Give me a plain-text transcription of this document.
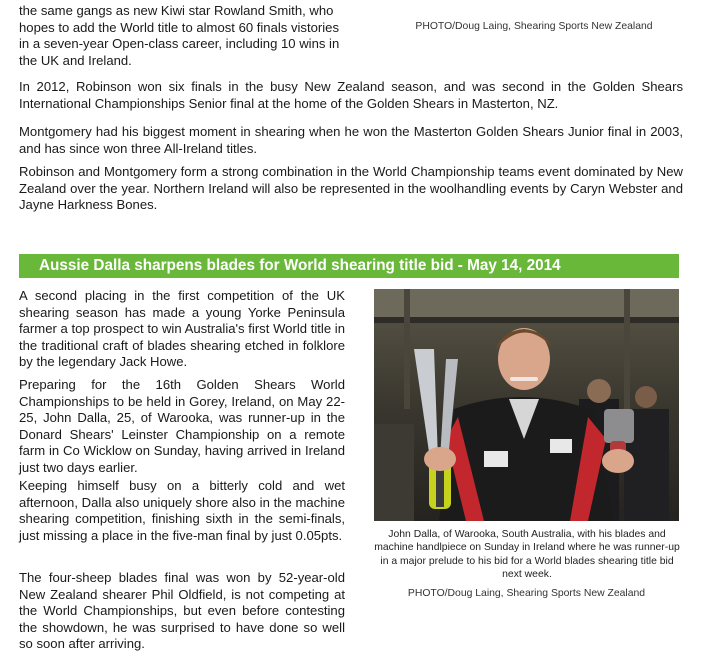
the same gangs as new Kiwi star Rowland Smith, who
hopes to add the World title to almost 60 finals vistories
in a seven-year Open-class career, including 10 wins in
the UK and Ireland.

PHOTO/Doug Laing, Shearing Sports New Zealand

In 2012, Robinson won six finals in the busy New Zealand season, and was second in the Golden Shears International Championships Senior final at the home of the Golden Shears in Masterton, NZ.

Montgomery had his biggest moment in shearing when he won the Masterton Golden Shears Junior final in 2003, and has since won three All-Ireland titles.

Robinson and Montgomery form a strong combination in the World Championship teams event dominated by New Zealand over the year. Northern Ireland will also be represented in the woolhandling events by Caryn Webster and Jayne Harkness Bones.

Aussie Dalla sharpens blades for World shearing title bid - May 14, 2014

A second placing in the first competition of the UK shearing season has made a young Yorke Peninsula farmer a top prospect to win Australia's first World title in the traditional craft of blades shearing etched in folklore by the legendary Jack Howe.

Preparing for the 16th Golden Shears World Championships to be held in Gorey, Ireland, on May 22-25, John Dalla, 25, of Warooka, was runner-up in the Donard Shears' Leinster Championship on a remote farm in Co Wicklow on Sunday, having arrived in Ireland just two days earlier.

Keeping himself busy on a bitterly cold and wet afternoon, Dalla also uniquely shore also in the machine shearing competition, finishing sixth in the semi-finals, just missing a place in the five-man final by just 0.05pts.

The four-sheep blades final was won by 52-year-old New Zealand shearer Phil Oldfield, is not competing at the World Championships, but even before contesting the showdown, he was surprised to have done so well so soon after arriving.

John Dalla, of Warooka, South Australia, with his blades and machine handlpiece on Sunday in Ireland where he was runner-up in a major prelude to his bid for a World blades shearing title bid next week.
PHOTO/Doug Laing, Shearing Sports New Zealand
